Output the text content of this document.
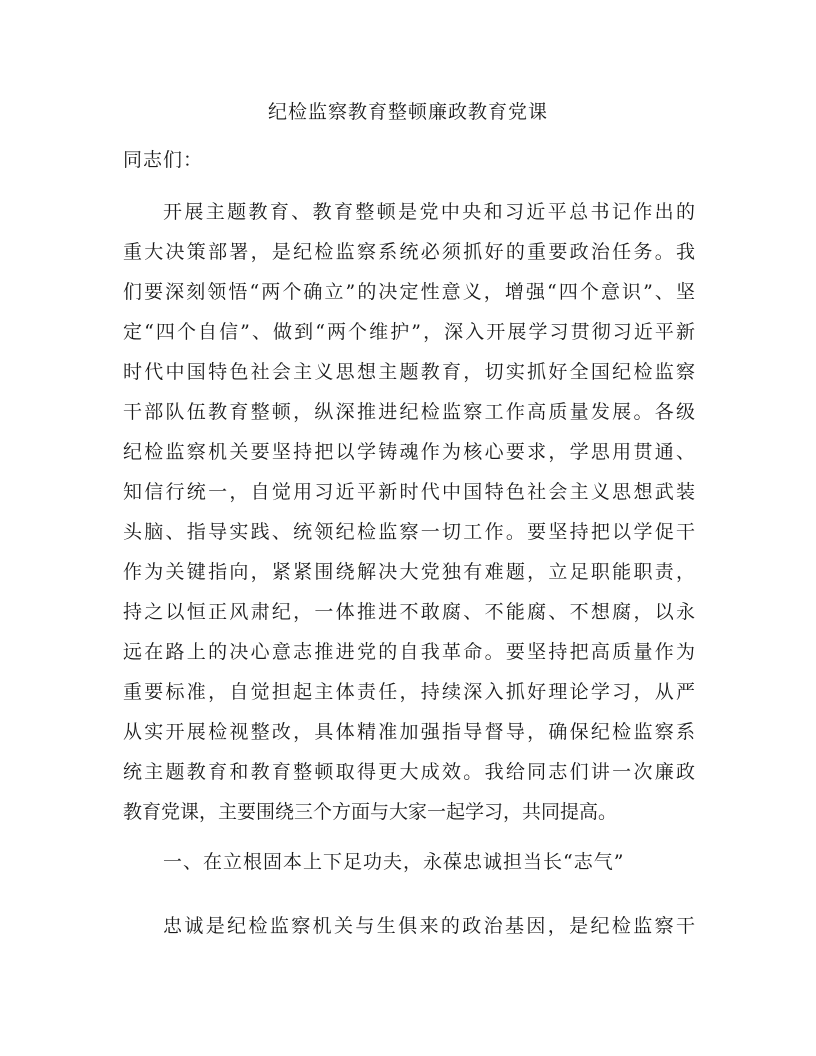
纪检监察教育整顿廉政教育党课
同志们：
开展主题教育、教育整顿是党中央和习近平总书记作出的
重大决策部署，是纪检监察系统必须抓好的重要政治任务。我
们要深刻领悟“两个确立”的决定性意义，增强“四个意识”、坚
定“四个自信”、做到“两个维护”，深入开展学习贯彻习近平新
时代中国特色社会主义思想主题教育，切实抓好全国纪检监察
干部队伍教育整顿，纵深推进纪检监察工作高质量发展。各级
纪检监察机关要坚持把以学铸魂作为核心要求，学思用贯通、
知信行统一，自觉用习近平新时代中国特色社会主义思想武装
头脑、指导实践、统领纪检监察一切工作。要坚持把以学促干
作为关键指向，紧紧围绕解决大党独有难题，立足职能职责，
持之以恒正风肃纪，一体推进不敢腐、不能腐、不想腐，以永
远在路上的决心意志推进党的自我革命。要坚持把高质量作为
重要标准，自觉担起主体责任，持续深入抓好理论学习，从严
从实开展检视整改，具体精准加强指导督导，确保纪检监察系
统主题教育和教育整顿取得更大成效。我给同志们讲一次廉政
教育党课，主要围绕三个方面与大家一起学习，共同提高。
一、在立根固本上下足功夫，永葆忠诚担当长“志气”
忠诚是纪检监察机关与生俱来的政治基因，是纪检监察干
